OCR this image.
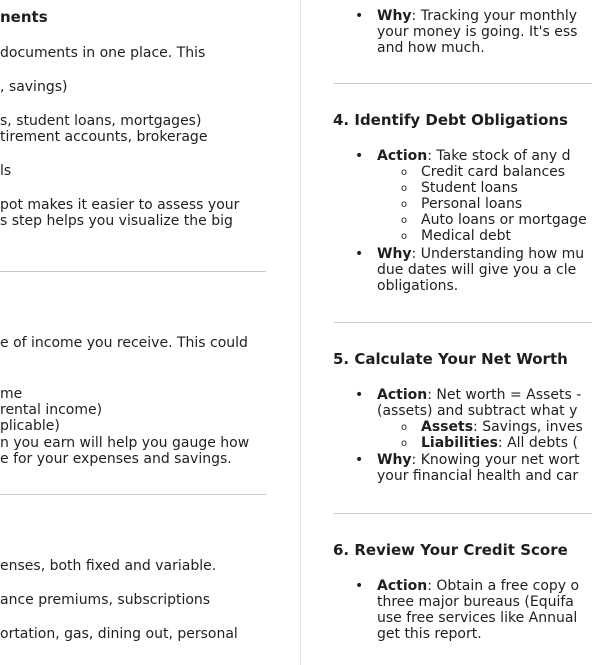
nents
documents in one place. This
, savings)
s, student loans, mortgages)
tirement accounts, brokerage
ls
pot makes it easier to assess your
s step helps you visualize the big
e of income you receive. This could
me
rental income)
plicable)
n you earn will help you gauge how
e for your expenses and savings.
enses, both fixed and variable.
ance premiums, subscriptions
ortation, gas, dining out, personal
• Why: Tracking your monthly
your money is going. It's ess
and how much.
4. Identify Debt Obligations
• Action: Take stock of any d
o Credit card balances
o Student loans
o Personal loans
o Auto loans or mortgage
o Medical debt
• Why: Understanding how mu
due dates will give you a cle
obligations.
5. Calculate Your Net Worth
• Action: Net worth = Assets -
(assets) and subtract what y
o Assets: Savings, inves
o Liabilities: All debts (
• Why: Knowing your net wort
your financial health and car
6. Review Your Credit Score
• Action: Obtain a free copy o
three major bureaus (Equifa
use free services like Annual
get this report.
